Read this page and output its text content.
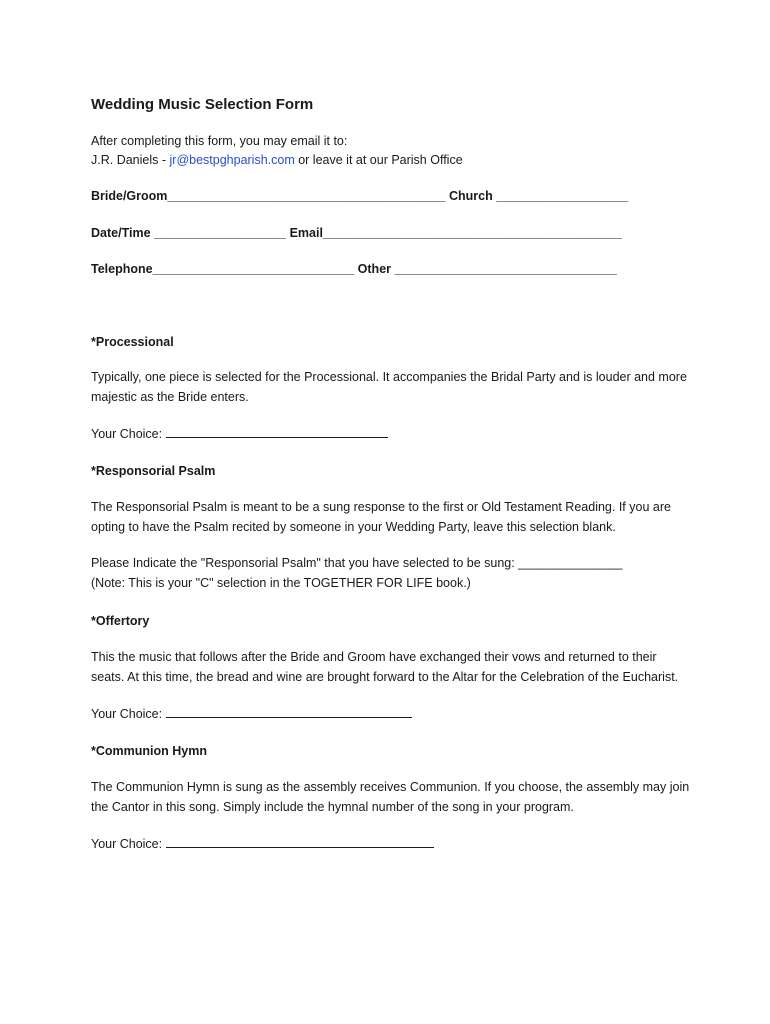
Wedding Music Selection Form
After completing this form, you may email it to:
J.R. Daniels - jr@bestpghparish.com or leave it at our Parish Office
Bride/Groom________________________________________ Church ___________________
Date/Time ___________________ Email___________________________________________
Telephone_____________________________ Other ________________________________
*Processional

Typically, one piece is selected for the Processional. It accompanies the Bridal Party and is louder and more majestic as the Bride enters.

Your Choice:

*Responsorial Psalm

The Responsorial Psalm is meant to be a sung response to the first or Old Testament Reading. If you are opting to have the Psalm recited by someone in your Wedding Party, leave this selection blank.

Please Indicate the "Responsorial Psalm" that you have selected to be sung: _______________

(Note: This is your "C" selection in the TOGETHER FOR LIFE book.)

*Offertory

This the music that follows after the Bride and Groom have exchanged their vows and returned to their seats. At this time, the bread and wine are brought forward to the Altar for the Celebration of the Eucharist.

Your Choice:

*Communion Hymn

The Communion Hymn is sung as the assembly receives Communion. If you choose, the assembly may join the Cantor in this song. Simply include the hymnal number of the song in your program.

Your Choice:
